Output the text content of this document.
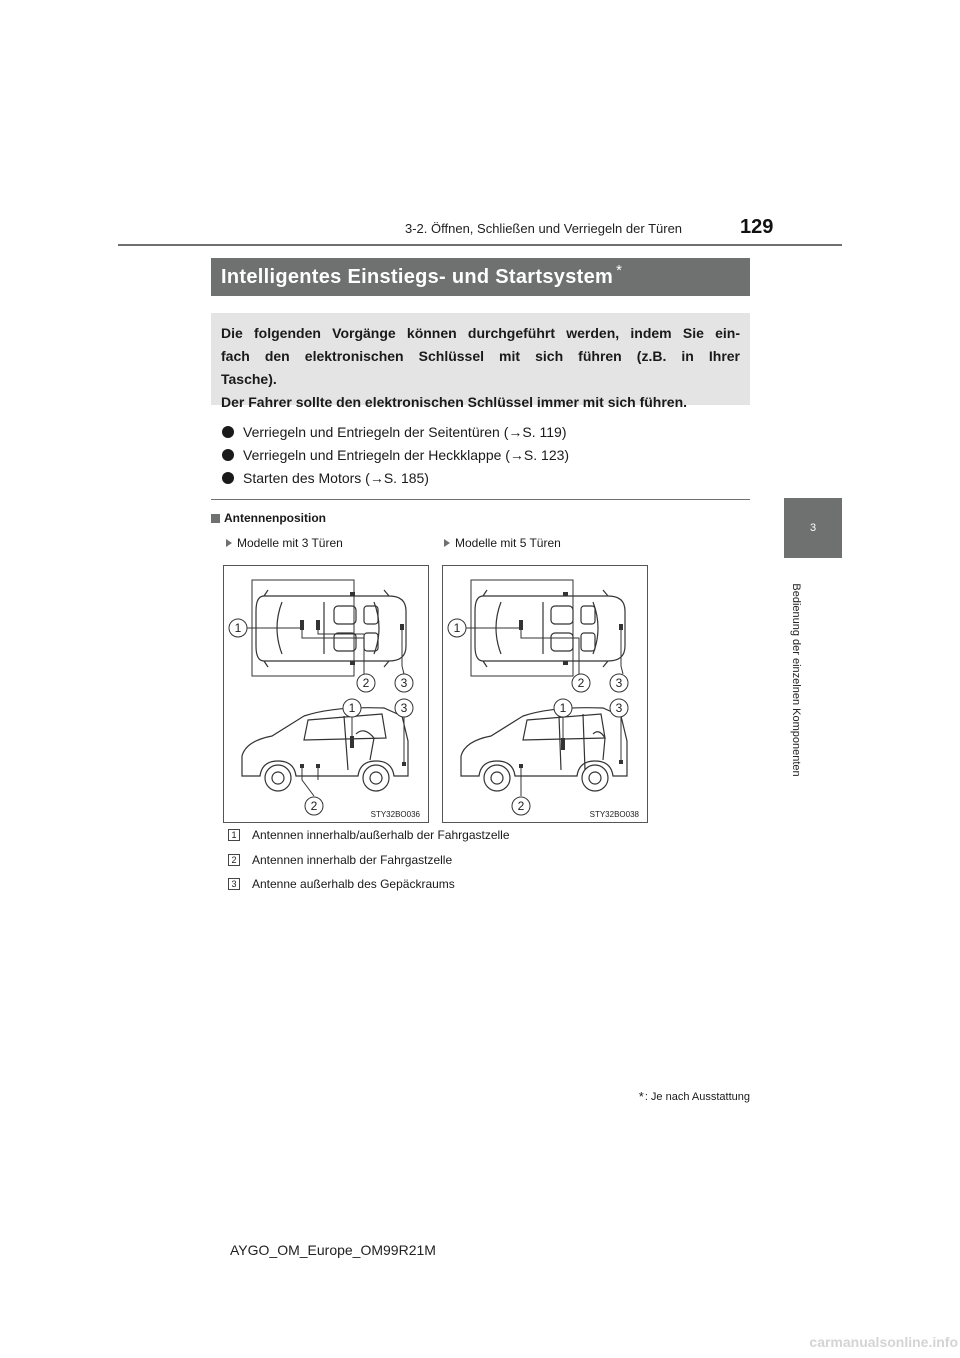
3-2. Öffnen, Schließen und Verriegeln der Türen	129
3
Bedienung der einzelnen Komponenten
Intelligentes Einstiegs- und Startsystem *
Die folgenden Vorgänge können durchgeführt werden, indem Sie ein-
fach den elektronischen Schlüssel mit sich führen (z.B. in Ihrer
Tasche).
Der Fahrer sollte den elektronischen Schlüssel immer mit sich führen.
Verriegeln und Entriegeln der Seitentüren (→S. 119)
Verriegeln und Entriegeln der Heckklappe (→S. 123)
Starten des Motors (→S. 185)
Antennenposition
Modelle mit 3 Türen	Modelle mit 5 Türen
1
2	3
1	3
2
STY32BO036
1
2	3
1	3
2
STY32BO038
1 Antennen innerhalb/außerhalb der Fahrgastzelle
2 Antennen innerhalb der Fahrgastzelle
3 Antenne außerhalb des Gepäckraums
* : Je nach Ausstattung
AYGO_OM_Europe_OM99R21M
carmanualsonline.info
